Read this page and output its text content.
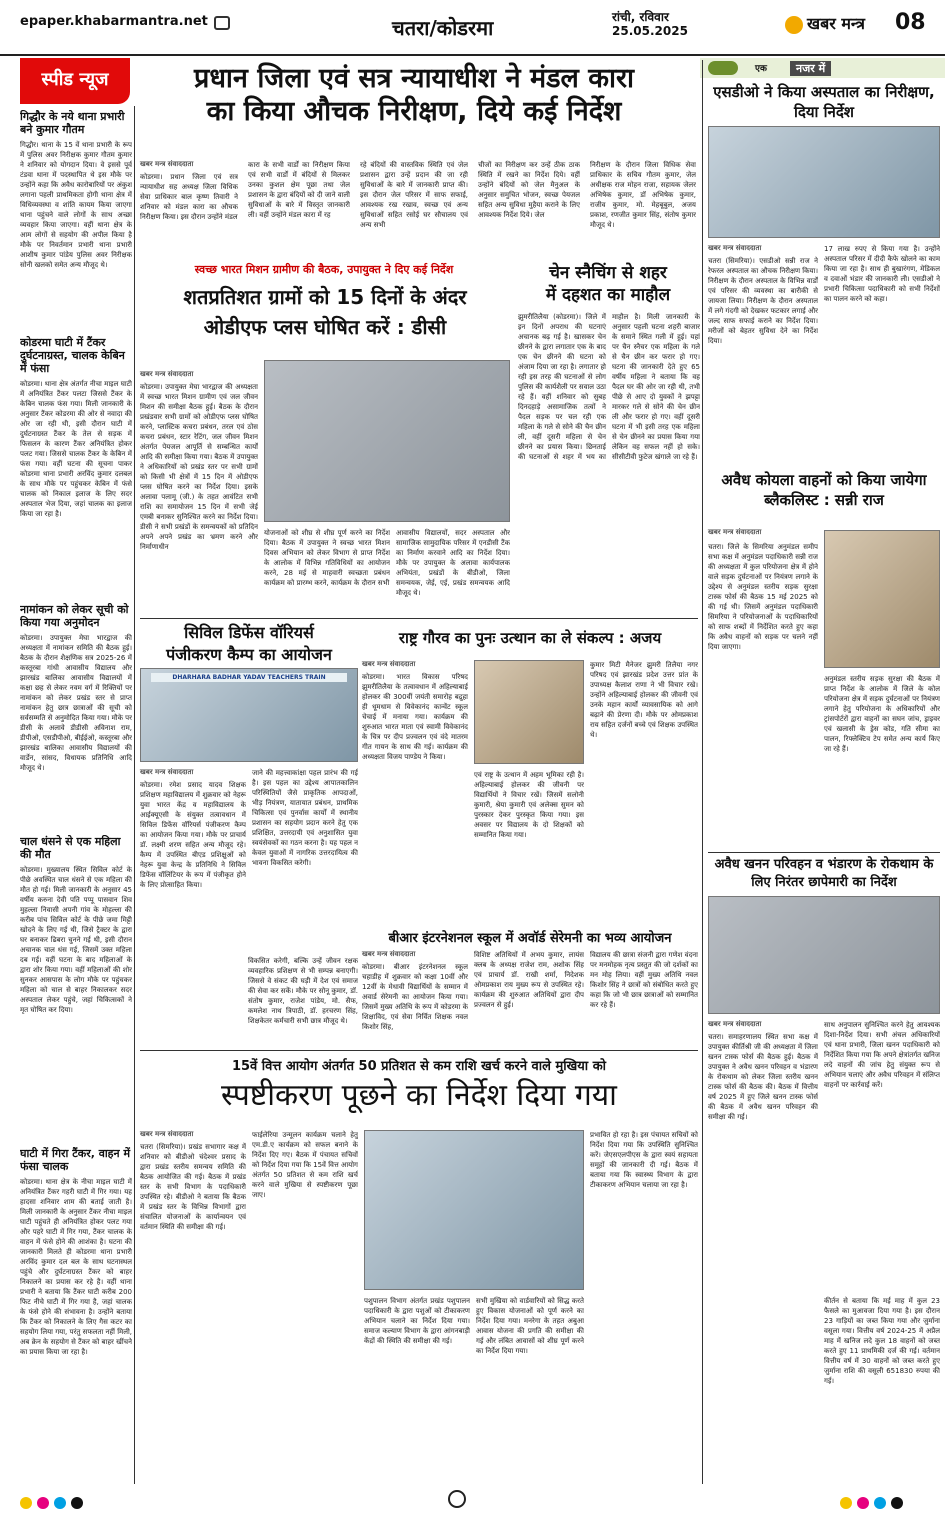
epaper.khabarmantra.net	चतरा/कोडरमा	रांची, रविवार
25.05.2025	खबर मन्त्र 08
स्पीड न्यूज	एक	नजर में
गिद्धौर के नये थाना प्रभारी बने कुमार गौतम
गिद्धौर। थाना के 15 वें थाना प्रभारी के रूप में पुलिस अवर निरीक्षक कुमार गौतम कुमार ने शनिवार को योगदान दिया। वे इससे पूर्व टंडवा थाना में पदस्थापित थे इस मौके पर उन्होंने कहा कि अवैध कारोबारियों पर अंकुश लगाना पहली प्राथमिकता होगी थाना क्षेत्र में विधिव्यवस्था व शांति कायम किया जाएगा थाना पहुंचने वाले लोगों के साथ अच्छा व्यवहार किया जाएगा। वहीं थाना क्षेत्र के आम लोगों से सहयोग की अपील किया है मौके पर निवर्तमान प्रभारी थाना प्रभारी आशीष कुमार पांडेय पुलिस अवर निरीक्षक सोनी खलको समेत अन्य मौजूद थे।
कोडरमा घाटी में टैंकर दुर्घटनाग्रस्त, चालक केबिन में फंसा
कोडरमा। थाना क्षेत्र अंतर्गत नीचा माइल घाटी में अनियंत्रित टैंकर पलटा जिससे टैंकर के केबिन चालक फंस गया। मिली जानकारी के अनुसार टैंकर कोडरमा की ओर से नवादा की ओर जा रही थी, इसी दौरान घाटी में दुर्घटनाग्रस्त टैंकर के तेल से सड़क में फिसलन के कारण टैंकर अनियंत्रित होकर पलट गया। जिससे चालक टैंकर के केबिन में फंस गया। वहीं घटना की सूचना पाकर कोडरमा थाना प्रभारी अरविंद कुमार दलबल के साथ मौके पर पहुंचकर केबिन में फंसे चालक को निकाल इलाज के लिए सदर अस्पताल भेज दिया, जहां चालक का इलाज किया जा रहा है।
नामांकन को लेकर सूची को किया गया अनुमोदन
कोडरमा। उपायुक्त मेघा भारद्वाज की अध्यक्षता में नामांकन समिति की बैठक हुई। बैठक के दौरान शैक्षणिक सत्र 2025-26 में कस्तूरबा गांधी आवासीय विद्यालय और झारखंड बालिका आवासीय विद्यालयों में कक्षा छह से लेकर नवम वर्ग में रिक्तियों पर नामांकन को लेकर प्रखंड स्तर से प्राप्त नामांकन हेतु छात्र छात्राओं की सूची को सर्वसम्मति से अनुमोदित किया गया। मौके पर डीसी के अलावे डीडीसी अविनाश राम, डीपीओ, एसडीपीओ, बीईईओ, कस्तूरबा और झारखंड बालिका आवासीय विद्यालयों की वार्डेन, सांसद, विधायक प्रतिनिधि आदि मौजूद थे।
चाल धंसने से एक महिला की मौत
कोडरमा। मुख्यालय स्थित सिविल कोर्ट के पीछे अवस्थित चाल धंसने से एक महिला की मौत हो गई। मिली जानकारी के अनुसार 45 वर्षीय करुना देवी पति पप्पू पासवान शिव मुहल्ला निवासी अपनी गांव के मोहल्ला की करीब पांच सिविल कोर्ट के पीछे जमा मिट्टी खोदने के लिए गई थी, जिसे ट्रैक्टर के द्वारा घर बनाकर ढिबरा चुनने गई थी, इसी दौरान अचानक चाल धंस गई, जिसमें उक्त महिला दब गई। वहीं घटना के बाद महिलाओं के द्वारा शोर किया गया। वहीं महिलाओं की शोर सुनकर आसपास के लोग मौके पर पहुंचकर महिला को चाल से बाहर निकालकर सदर अस्पताल लेकर पहुंचे, जहां चिकित्सकों ने मृत घोषित कर दिया।
घाटी में गिरा टैंकर, वाहन में फंसा चालक
कोडरमा। थाना क्षेत्र के नीचा माइल घाटी में अनियंत्रित टैंकर गहरी घाटी में गिर गया। यह हादसा शनिवार शाम की बताई जाती है। मिली जानकारी के अनुसार टैंकर नीचा माइल घाटी पहुंचते ही अनियंत्रित होकर पलट गया और पहरे घाटी में गिर गया, टैंकर चालक के वाहन में फंसे होने की आशंका है। घटना की जानकारी मिलते ही कोडरमा थाना प्रभारी अरविंद कुमार दल बल के साथ घटनास्थल पहुंचे और दुर्घटनाग्रस्त टैंकर को बाहर निकालने का प्रयास कर रहे है। वहीं थाना प्रभारी ने बताया कि टैंकर घाटी करीब 200 फिट नीचे घाटी में गिर गया है, जहां चालक के फंसे होने की संभावना है। उन्होंने बताया कि टैंकर को निकालने के लिए गैस कटर का सहयोग लिया गया, परंतु सफलता नहीं मिली, अब क्रेन के सहयोग से टैंकर को बाहर खींचने का प्रयास किया जा रहा है।
प्रधान जिला एवं सत्र न्यायाधीश ने मंडल कारा
का किया औचक निरीक्षण, दिये कई निर्देश
खबर मन्त्र संवाददाता
कोडरमा। प्रधान जिला एवं सत्र न्यायाधीश सह अध्यक्ष जिला विधिक सेवा प्राधिकार बाल कृष्ण तिवारी ने शनिवार को मंडल कारा का औचक निरीक्षण किया। इस दौरान उन्होंने मंडल
कारा के सभी वार्डों का निरीक्षण किया एवं सभी वार्डों में बंदियों से मिलकर उनका कुशल क्षेम पूछा तथा जेल प्रशासन के द्वारा बंदियों को दी जाने वाली सुविधाओं के बारे में विस्तृत जानकारी ली। वहीं उन्होंने मंडल कारा में रह
रहे बंदियों की वास्तविक स्थिति एवं जेल प्रशासन द्वारा उन्हें प्रदान की जा रही सुविधाओं के बारे में जानकारी प्राप्त की। इस दौरान जेल परिसर में साफ सफाई, आवश्यक रख रखाव, स्वच्छ एवं अन्य सुविधाओं सहित रसोई घर सौचालय एवं अन्य सभी
चीजों का निरीक्षण कर उन्हें ठीक ठाक स्थिति में रखने का निर्देश दिये। वहीं उन्होंने बंदियों को जेल मैनुअल के अनुसार समुचित भोजन, स्वच्छ पेयजल सहित अन्य सुविधा मुहैया कराने के लिए आवश्यक निर्देश दिये। जेल
निरीक्षण के दौरान जिला विधिक सेवा प्राधिकार के सचिव गौतम कुमार, जेल अधीक्षक राज मोहन राजा, सहायक जेलर अभिषेक कुमार, डॉ अभिषेक कुमार, राजीव कुमार, मो. मेहबूबुल, अजय प्रकाश, रणजीत कुमार सिंह, संतोष कुमार मौजूद थे।
स्वच्छ भारत मिशन ग्रामीण की बैठक, उपायुक्त ने दिए कई निर्देश
शतप्रतिशत ग्रामों को 15 दिनों के अंदर
ओडीएफ प्लस घोषित करें : डीसी
खबर मन्त्र संवाददाता
कोडरमा। उपायुक्त मेघा भारद्वाज की अध्यक्षता में स्वच्छ भारत मिशन ग्रामीण एवं जल जीवन मिशन की समीक्षा बैठक हुई। बैठक के दौरान प्रखंडवार सभी ग्रामों को ओडीएफ प्लस घोषित करने, प्लास्टिक कचरा प्रबंधन, तरल एवं ठोस कचरा प्रबंधन, स्टार रेटिंग, जल जीवन मिशन अंतर्गत पेयजल आपूर्ति से सम्बन्धित कार्यों आदि की समीक्षा किया गया। बैठक में उपायुक्त ने अधिकारियों को प्रखंड स्तर पर सभी ग्रामों को किसी भी क्षेत्रों में 15 दिन में ओडीएफ प्लस घोषित करने का निर्देश दिया। इसके अलावा पलामू (जी.) के तहत आवंटित सभी राशि का समायोजन 15 दिन में सभी जेई एमबी बनाकर सुनिश्चित करने का निर्देश दिया। डीसी ने सभी प्रखंडों के समन्वयकों को प्रतिदिन अपने अपने प्रखंड का भ्रमण करने और निर्माणाधीन
योजनाओं को शीघ्र से शीघ्र पूर्ण करने का निर्देश दिया। बैठक में उपायुक्त ने स्वच्छ भारत मिशन दिवस अभियान को लेकर विभाग से प्राप्त निर्देश के आलोक में विभिन्न गतिविधियों का आयोजन करने, 28 मई से माहवारी स्वच्छता प्रबंधन कार्यक्रम को प्रारम्भ करने, कार्यक्रम के दौरान सभी
आवासीय विद्यालयों, सदर अस्पताल और सामाजिक सामुदायिक परिसर में एनडीसी टैंक का निर्माण करवाने आदि का निर्देश दिया। मौके पर उपायुक्त के अलावा कार्यपालक अभियंता, प्रखंडों के बीडीओ, जिला समन्वयक, जेई, एई, प्रखंड समन्वयक आदि मौजूद थे।
चेन स्नैचिंग से शहर
में दहशत का माहौल
झुमरीतिलैया (कोडरमा)। जिले में इन दिनों अपराध की घटनाएं अचानक बढ़ गई है। खासकर चेन छीनने के द्वारा लगातार एक के बाद एक चेन छीनने की घटना को अंजाम दिया जा रहा है। लगातार हो रही इस तरह की घटनाओं से लोग पुलिस की कार्यशैली पर सवाल उठा रहे हैं। वहीं शनिवार को सुबह दिनदहाड़े असामाजिक तत्वों ने पैदल सड़क पर चल रही एक महिला के गले से सोने की चैन छीन ली, वहीं दूसरी महिला से चेन छीनने का प्रयास किया। छिनताई की घटनाओं से शहर में भय का माहौल है। मिली जानकारी के अनुसार पहली घटना शहरी बाजार के समाने स्थित गली में हुई। यहां पर चैन स्नैचर एक महिला के गले से चैन छीन कर फरार हो गए। घटना की जानकारी देते हुए 65 वर्षीय महिला ने बताया कि वह पैदल घर की ओर जा रही थी, तभी पीछे से आए दो युवकों ने झपट्टा मारकर गले से सोने की चेन छीन ली और फरार हो गए। वहीं दूसरी घटना में भी इसी तरह एक महिला से चेन छीनने का प्रयास किया गया लेकिन वह सफल नहीं हो सके। सीसीटीवी फुटेज खंगाले जा रहे हैं।
एसडीओ ने किया अस्पताल का निरीक्षण, दिया निर्देश
खबर मन्त्र संवाददाता
चतरा (सिमरिया)। एसडीओ सन्नी राज ने रेफरल अस्पताल का औचक निरीक्षण किया। निरीक्षण के दौरान अस्पताल के विभिन्न वार्डों एवं परिसर की व्यवस्था का बारीकी से जायजा लिया। निरीक्षण के दौरान अस्पताल में लगे गंदगी को देखकर फटकार लगाई और जल्द साफ सफाई कराने का निर्देश दिया। मरीजों को बेहतर सुविधा देने का निर्देश दिया।
17 लाख रुपए से किया गया है। उन्होंने अस्पताल परिसर में दीदी कैफे खोलने का काम किया जा रहा है। साथ ही बुखारंगण, मेडिकल व दवाओं भंडार की जानकारी ली। एसडीओ ने प्रभारी चिकित्सा पदाधिकारी को सभी निर्देशों का पालन करने को कहा।
अवैध कोयला वाहनों को किया जायेगा ब्लैकलिस्ट : सन्नी राज
खबर मन्त्र संवाददाता
चतरा। जिले के सिमरिया अनुमंडल समीप सभा कक्ष में अनुमंडल पदाधिकारी सन्नी राज की अध्यक्षता में कुल परियोजना क्षेत्र में होने वाले सड़क दुर्घटनाओं पर नियंत्रण लगाने के उद्देश्य से अनुमंडल स्तरीय सड़क सुरक्षा टास्क फोर्स की बैठक 15 मई 2025 को की गई थी। जिसमें अनुमंडल पदाधिकारी सिमरिया ने परियोजनाओं के पदाधिकारियों को साफ शब्दों में निर्देशित करते हुए कहा कि अवैध वाहनों को सड़क पर चलने नहीं दिया जाएगा।
अनुमंडल स्तरीय सड़क सुरक्षा की बैठक में प्राप्त निर्देश के आलोक में जिले के कोल परियोजना क्षेत्र में सड़क दुर्घटनाओं पर नियंत्रण लगाने हेतु परियोजना के अधिकारियों और ट्रांसपोर्टरों द्वारा वाहनों का सघन जांच, ड्राइवर एवं खलासी के ड्रेस कोड, गति सीमा का पालन, रिफ्लेक्टिव टेप समेत अन्य कार्य किए जा रहे हैं।
सिविल डिफेंस वॉरियर्स
पंजीकरण कैम्प का आयोजन
DHARHARA BADHAR YADAV TEACHERS TRAIN
खबर मन्त्र संवाददाता
कोडरमा। रमेश प्रसाद यादव शिक्षक प्रशिक्षण महाविद्यालय में शुक्रवार को नेहरू युवा भारत केंद्र व महाविद्यालय के आईक्यूएसी के संयुक्त तत्वावधान में सिविल डिफेंस वॉरियर्स पंजीकरण कैम्प का आयोजन किया गया। मौके पर प्राचार्य डॉ. लक्ष्मी शरण सहित अन्य मौजूद रहे। कैम्प में उपस्थित बीएड प्रशिक्षुओं को नेहरू युवा केन्द्र के प्रतिनिधि ने सिविल डिफेंस वॉलिंटियर के रूप में पंजीकृत होने के लिए प्रोत्साहित किया।
जाने की महत्त्वाकांक्षा पहल प्रारंभ की गई है। इस पहल का उद्देश्य आपातकालिन परिस्थितियों जैसे प्राकृतिक आपदाओं, भीड़ नियंत्रण, यातायात प्रबंधन, प्राथमिक चिकित्सा एवं पुनर्वास कार्यों में स्थानीय प्रशासन का सहयोग प्रदान करने हेतु एक प्रशिक्षित, उत्तरदायी एवं अनुशासित युवा स्वयंसेवकों का गठन करना है। यह पहल न केवल युवाओं में नागरिक उत्तरदायित्व की भावना विकसित करेगी।
राष्ट्र गौरव का पुनः उत्थान का ले संकल्प : अजय
खबर मन्त्र संवाददाता
कोडरमा। भारत विकास परिषद झुमरीतिलैया के तत्वावधान में अहिल्याबाई होलकर की 300वीं जयंती समारोह बद्रुहा ही धूमधाम से विवेकानंद कान्वेंट स्कूल चेचाई में मनाया गया। कार्यक्रम की शुरुआत भारत माता एवं स्वामी विवेकानंद के चित्र पर दीप प्रज्वलन एवं वंदे मातरम गीत गायन के साथ की गई। कार्यक्रम की अध्यक्षता विजय पाण्डेय ने किया।
एवं राष्ट्र के उत्थान में अहम भूमिका रही है। अहिल्याबाई होलकर की जीवनी पर विद्यार्थियों ने विचार रखें। जिसमें सलोनी कुमारी, श्रेया कुमारी एवं अलेक्स सुमन को पुरस्कार देकर पुरस्कृत किया गया। इस अवसर पर विद्यालय के दो शिक्षकों को सम्मानित किया गया।
कुमार मिटी मैनेजर झुमरी तिलैया नगर परिषद एवं झारखंड प्रदेश उत्तर प्रांत के उपाध्यक्ष कैलाश राणा ने भी विचार रखे। उन्होंने अहिल्याबाई होलकर की जीवनी एवं उनके महान कार्यों व्यावसायिक को आगे बढ़ाने की प्रेरणा दी। मौके पर ओमप्रकाश राय सहित दर्जनों बच्चे एवं शिक्षक उपस्थित थे।
बीआर इंटरनेशनल स्कूल में अवॉर्ड सेरेमनी का भव्य आयोजन
खबर मन्त्र संवाददाता
कोडरमा। बीआर इंटरनेशनल स्कूल चहाडीह में शुक्रवार को कक्षा 10वीं और 12वीं के मेधावी विद्यार्थियों के सम्मान में अवार्ड सेरेमनी का आयोजन किया गया। जिसमें मुख्य अतिथि के रूप में कोडरमा के शिक्षाविद, एवं सेवा निर्वित शिक्षक नवल किशोर सिंह,
विशिष्ट अतिथियों में अभय कुमार, लायंस क्लब के अध्यक्ष राजेश राम, अशोक सिंह एवं प्राचार्य डॉ. राखी शर्मा, निदेशक ओमप्रकाश राय मुख्य रूप से उपस्थित रहे। कार्यक्रम की शुरुआत अतिथियों द्वारा दीप प्रज्वलन से हुई।
विद्यालय की छात्रा संजनी द्वारा गणेश वंदना पर मनमोहक नृत्य प्रस्तुत की जो दर्शकों का मन मोह लिया। वहीं मुख्य अतिथि नवल किशोर सिंह ने छात्रों को संबोधित करते हुए कहा कि जो भी छात्र छात्राओं को सम्मानित कर रहे हैं।
विकसित करेगी, बल्कि उन्हें जीवन रक्षक व्यवहारिक प्रशिक्षण से भी सम्पन्न बनाएगी। जिससे वे संकट की घड़ी में देश एवं समाज की सेवा कर सकें। मौके पर सोनू कुमार, डॉ. संतोष कुमार, राजेश पांडेय, मो. सैफ, कमलेश नाथ त्रिपाठी, डॉ. हरचरण सिंह, शिक्षकेतर कर्मचारी सभी छात्र मौजूद थे।
अवैध खनन परिवहन व भंडारण के रोकथाम के लिए निरंतर छापेमारी का निर्देश
खबर मन्त्र संवाददाता
चतरा। समाहरणालय स्थित सभा कक्ष में उपायुक्त कीर्तिश्री जी की अध्यक्षता में जिला खनन टास्क फोर्स की बैठक हुई। बैठक में उपायुक्त ने अवैध खनन परिवहन व भंडारण के रोकथाम को लेकर जिला स्तरीय खनन टास्क फोर्स की बैठक की। बैठक में वित्तीय वर्ष 2025 में हुए जिले खनन टास्क फोर्स की बैठक में अवैध खनन परिवहन की समीक्षा की गई।
साथ अनुपालन सुनिश्चित करने हेतु आवश्यक दिशा-निर्देश दिया। सभी अंचल अधिकारियों एवं थाना प्रभारी, जिला खनन पदाधिकारी को निर्देशित किया गया कि अपने क्षेत्रांतर्गत खनिज लदे वाहनों की जांच हेतु संयुक्त रूप से अभियान चलाएं और अवैध परिवहन में संलिप्त वाहनों पर कार्रवाई करें।
कीर्तन से बताया कि मई माह में कुल 23 फैसले का मुआवजा दिया गया है। इस दौरान 23 गाड़ियों का जब्त किया गया और जुर्माना वसूला गया। वित्तीय वर्ष 2024-25 में अप्रैल माह में खनिज लदे कुल 18 वाहनों को जब्त करते हुए 11 प्राथमिकी दर्ज की गई। वर्तमान वित्तीय वर्ष में 30 वाहनों को जब्त करते हुए जुर्माना राशि की वसूली 651830 रुपया की गई।
15वें वित्त आयोग अंतर्गत 50 प्रतिशत से कम राशि खर्च करने वाले मुखिया को
स्पष्टीकरण पूछने का निर्देश दिया गया
खबर मन्त्र संवाददाता
चतरा (सिमरिया)। प्रखंड सभागार कक्ष में शनिवार को बीडीओ चंदेश्वर प्रसाद के द्वारा प्रखंड स्तरीय समन्वय समिति की बैठक आयोजित की गई। बैठक में प्रखंड स्तर के सभी विभाग के पदाधिकारी उपस्थित रहे। बीडीओ ने बताया कि बैठक में प्रखंड स्तर के विभिन्न विभागों द्वारा संचालित योजनाओं के कार्यान्वयन एवं वर्तमान स्थिति की समीक्षा की गई।
फाईलेरिया उन्मूलन कार्यक्रम चलाने हेतु एम.डी.ए कार्यक्रम को सफल बनाने के निर्देश दिए गए। बैठक में पंचायत सचिवों को निर्देश दिया गया कि 15वें वित्त आयोग अंतर्गत 50 प्रतिशत से कम राशि खर्च करने वाले मुखिया से स्पष्टीकरण पूछा जाए।
पशुपालन विभाग अंतर्गत प्रखंड पशुपालन पदाधिकारी के द्वारा पशुओं को टीकाकरण अभियान चलाने का निर्देश दिया गया। समाज कल्याण विभाग के द्वारा आंगनबाड़ी केंद्रों की स्थिति की समीक्षा की गई।
सभी मुखिया को वार्डवारियों को सिद्ध करते हुए विकास योजनाओं को पूर्ण करने का निर्देश दिया गया। मनरेगा के तहत अबुआ आवास योजना की प्रगति की समीक्षा की गई और लंबित आवासों को शीघ्र पूर्ण करने का निर्देश दिया गया।
प्रभावित हो रहा है। इस पंचायत सचिवों को निर्देश दिया गया कि उपस्थिति सुनिश्चित करें। जेएसएलपीएस के द्वारा स्वयं सहायता समूहों की जानकारी दी गई। बैठक में बताया गया कि स्वास्थ्य विभाग के द्वारा टीकाकरण अभियान चलाया जा रहा है।
